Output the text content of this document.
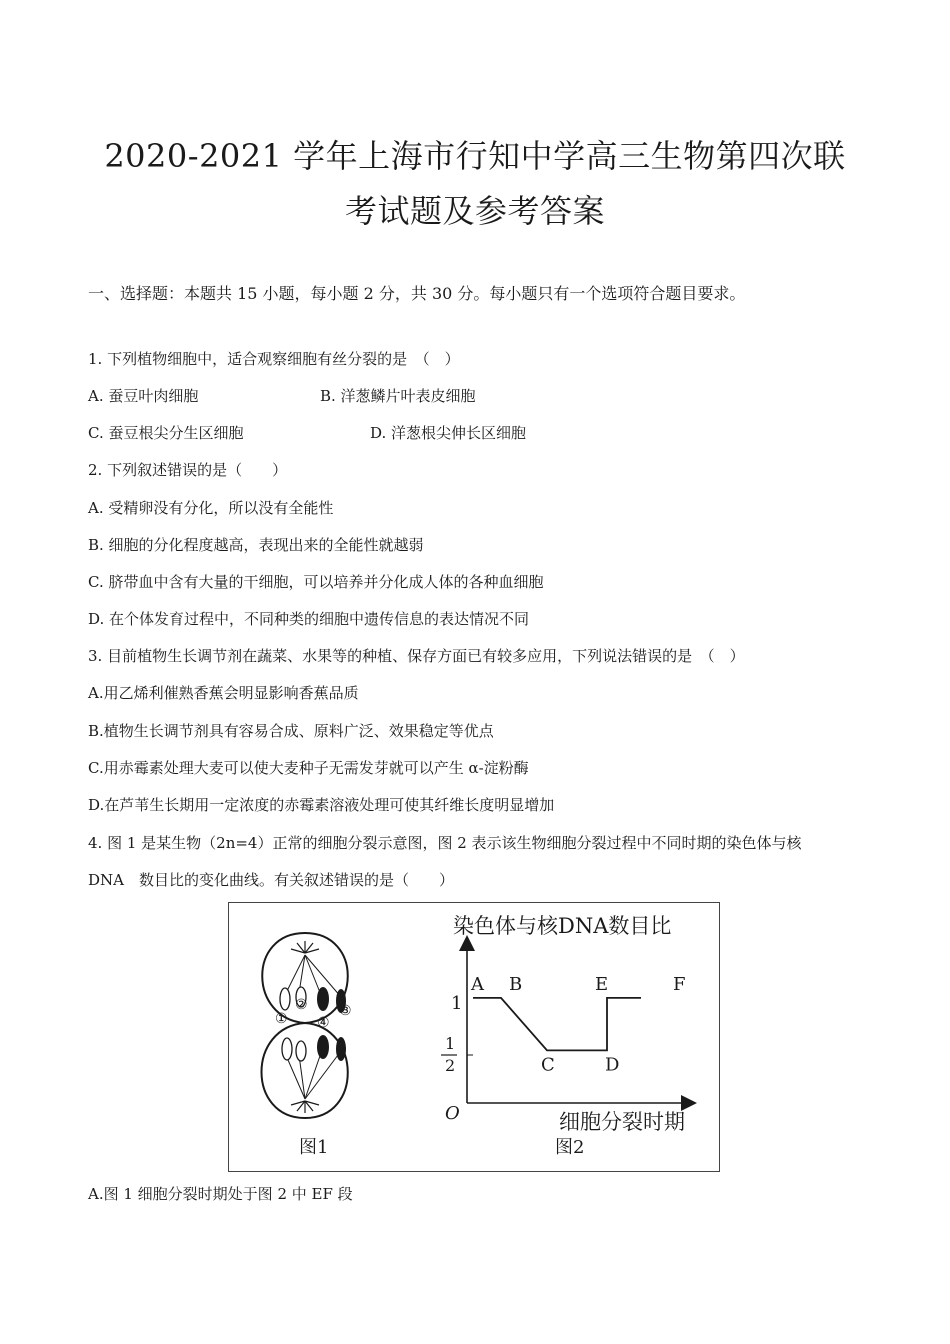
2020-2021 学年上海市行知中学高三生物第四次联
考试题及参考答案
一、选择题：本题共 15 小题，每小题 2 分，共 30 分。每小题只有一个选项符合题目要求。
1. 下列植物细胞中，适合观察细胞有丝分裂的是　（　）
A. 蚕豆叶肉细胞	B. 洋葱鳞片叶表皮细胞
C. 蚕豆根尖分生区细胞	D. 洋葱根尖伸长区细胞
2. 下列叙述错误的是（　　）
A. 受精卵没有分化，所以没有全能性
B. 细胞的分化程度越高，表现出来的全能性就越弱
C. 脐带血中含有大量的干细胞，可以培养并分化成人体的各种血细胞
D. 在个体发育过程中，不同种类的细胞中遗传信息的表达情况不同
3. 目前植物生长调节剂在蔬菜、水果等的种植、保存方面已有较多应用，下列说法错误的是　（　）
A.用乙烯利催熟香蕉会明显影响香蕉品质
B.植物生长调节剂具有容易合成、原料广泛、效果稳定等优点
C.用赤霉素处理大麦可以使大麦种子无需发芽就可以产生 α-淀粉酶
D.在芦苇生长期用一定浓度的赤霉素溶液处理可使其纤维长度明显增加
4. 图 1 是某生物（2n=4）正常的细胞分裂示意图，图 2 表示该生物细胞分裂过程中不同时期的染色体与核
DNA　数目比的变化曲线。有关叙述错误的是（　　）
①
② ③
④
图1
染色体与核DNA数目比
O
1
1
2
A B
C	D
E	F
细胞分裂时期
图2
A.图 1 细胞分裂时期处于图 2 中 EF 段
